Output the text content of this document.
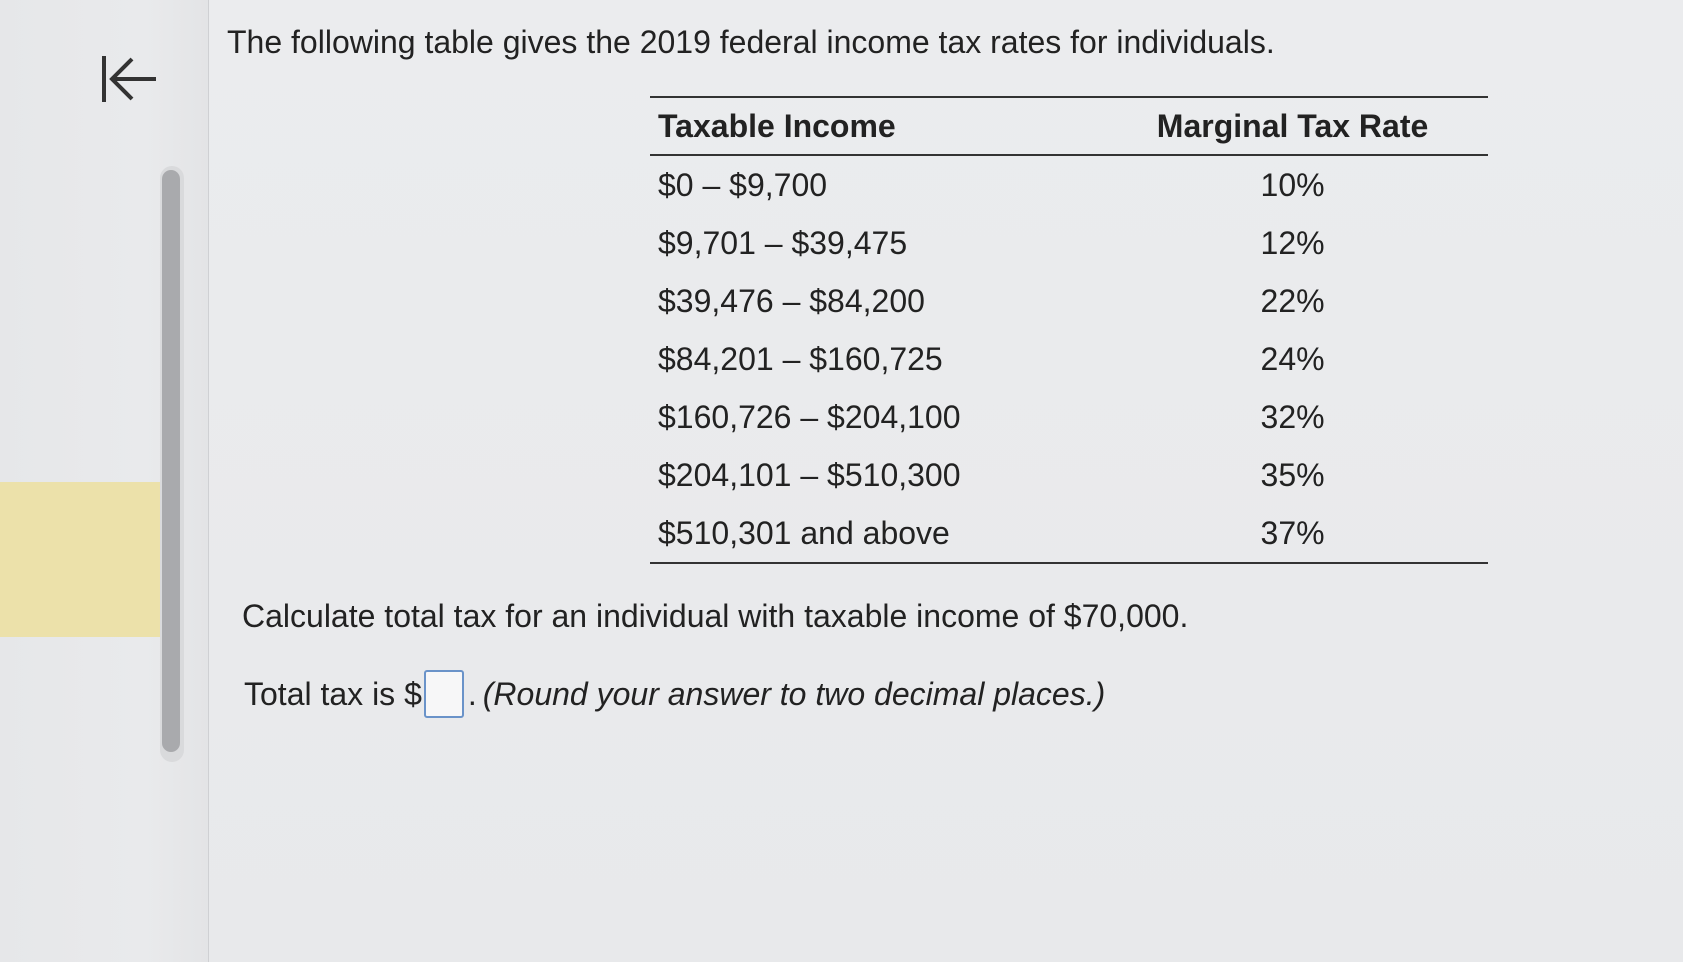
The following table gives the 2019 federal income tax rates for individuals.

Taxable Income	Marginal Tax Rate
$0 – $9,700	10%
$9,701 – $39,475	12%
$39,476 – $84,200	22%
$84,201 – $160,725	24%
$160,726 – $204,100	32%
$204,101 – $510,300	35%
$510,301 and above	37%
Calculate total tax for an individual with taxable income of $70,000.
Total tax is $ . (Round your answer to two decimal places.)
